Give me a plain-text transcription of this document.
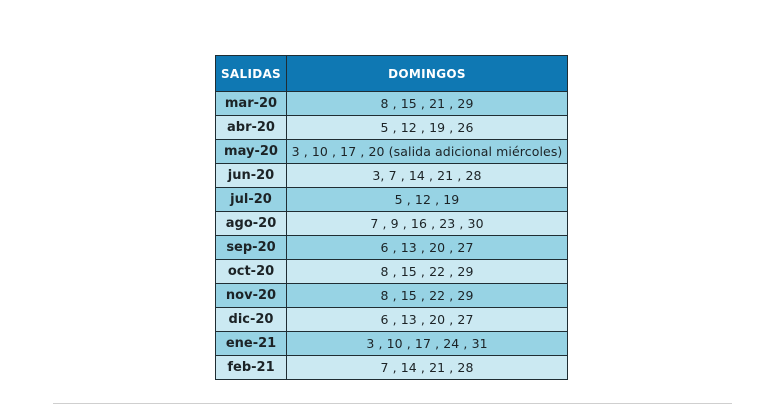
SALIDAS	DOMINGOS
mar-20	8 , 15 , 21 , 29
abr-20	5 , 12 , 19 , 26
may-20	3 , 10 , 17 , 20 (salida adicional miércoles)
jun-20	3, 7 , 14 , 21 , 28
jul-20	5 , 12 , 19
ago-20	7 , 9 , 16 , 23 , 30
sep-20	6 , 13 , 20 , 27
oct-20	8 , 15 , 22 , 29
nov-20	8 , 15 , 22 , 29
dic-20	6 , 13 , 20 , 27
ene-21	3 , 10 , 17 , 24 , 31
feb-21	7 , 14 , 21 , 28
